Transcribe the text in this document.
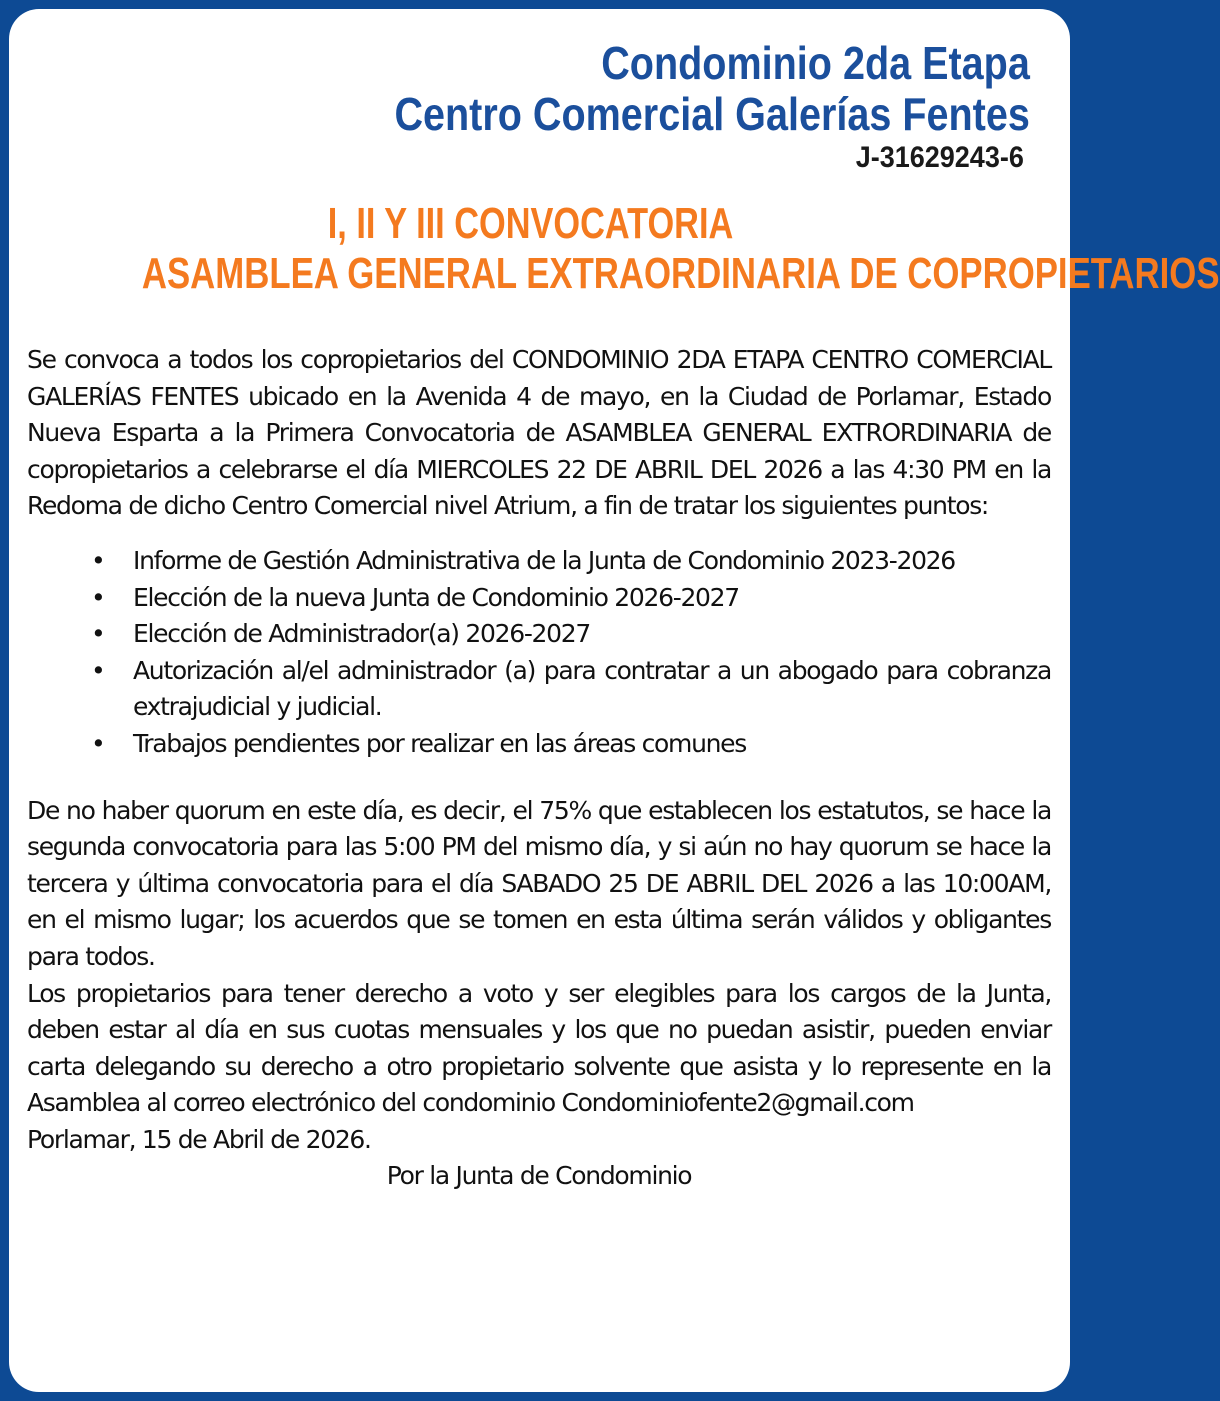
Condominio 2da Etapa
Centro Comercial Galerías Fentes
J-31629243-6
I, II Y III CONVOCATORIA
ASAMBLEA GENERAL EXTRAORDINARIA DE COPROPIETARIOS

Se convoca a todos los copropietarios del CONDOMINIO 2DA ETAPA CENTRO COMERCIAL GALERÍAS FENTES ubicado en la Avenida 4 de mayo, en la Ciudad de Porlamar, Estado Nueva Esparta a la Primera Convocatoria de ASAMBLEA GENERAL EXTRORDINARIA de copropietarios a celebrarse el día MIERCOLES 22 DE ABRIL DEL 2026 a las 4:30 PM en la Redoma de dicho Centro Comercial nivel Atrium, a fin de tratar los siguientes puntos:

• Informe de Gestión Administrativa de la Junta de Condominio 2023-2026
• Elección de la nueva Junta de Condominio 2026-2027
• Elección de Administrador(a) 2026-2027
• Autorización al/el administrador (a) para contratar a un abogado para cobranza extrajudicial y judicial.
• Trabajos pendientes por realizar en las áreas comunes

De no haber quorum en este día, es decir, el 75% que establecen los estatutos, se hace la segunda convocatoria para las 5:00 PM del mismo día, y si aún no hay quorum se hace la tercera y última convocatoria para el día SABADO 25 DE ABRIL DEL 2026 a las 10:00AM, en el mismo lugar; los acuerdos que se tomen en esta última serán válidos y obligantes para todos.

Los propietarios para tener derecho a voto y ser elegibles para los cargos de la Junta, deben estar al día en sus cuotas mensuales y los que no puedan asistir, pueden enviar carta delegando su derecho a otro propietario solvente que asista y lo represente en la Asamblea al correo electrónico del condominio Condominiofente2@gmail.com

Porlamar, 15 de Abril de 2026.

Por la Junta de Condominio
